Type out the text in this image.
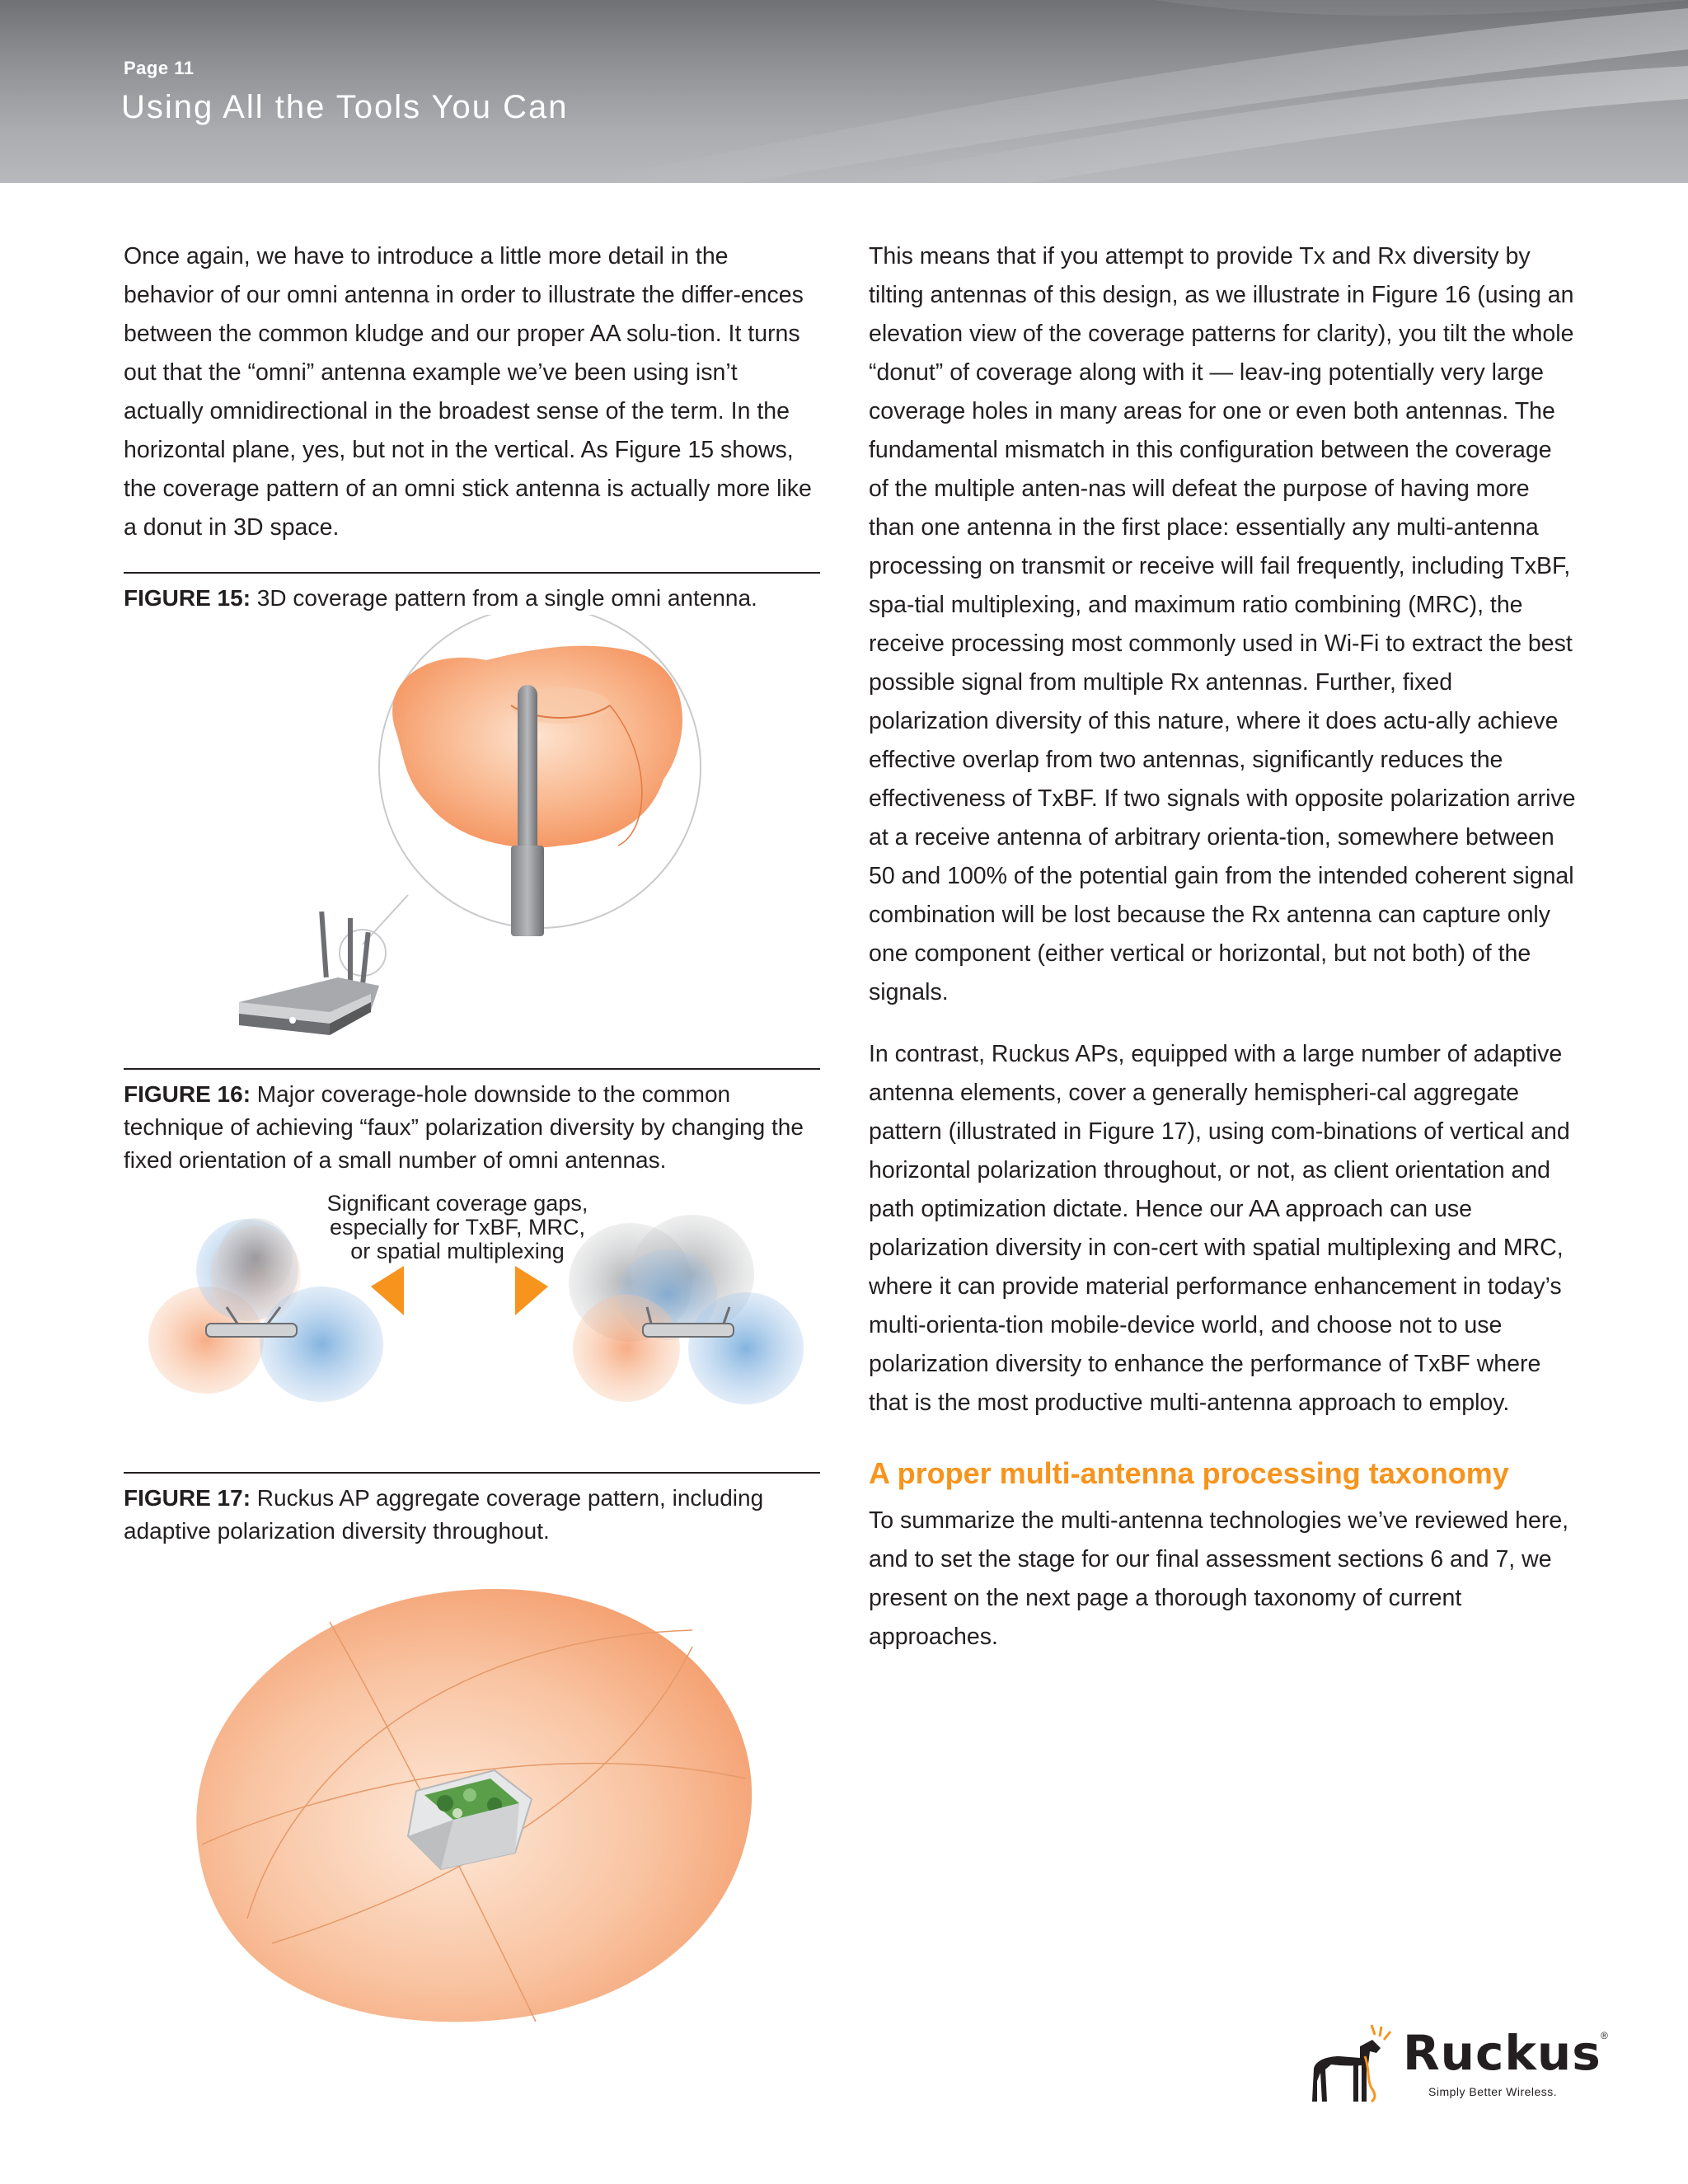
Page 11
Using All the Tools You Can

Once again, we have to introduce a little more detail in the behavior of our omni antenna in order to illustrate the differ-ences between the common kludge and our proper AA solu-tion. It turns out that the “omni” antenna example we’ve been using isn’t actually omnidirectional in the broadest sense of the term. In the horizontal plane, yes, but not in the vertical. As Figure 15 shows, the coverage pattern of an omni stick antenna is actually more like a donut in 3D space.

FIGURE 15: 3D coverage pattern from a single omni antenna.

FIGURE 16: Major coverage-hole downside to the common technique of achieving “faux” polarization diversity by changing the fixed orientation of a small number of omni antennas.

Significant coverage gaps,
especially for TxBF, MRC,
or spatial multiplexing

FIGURE 17: Ruckus AP aggregate coverage pattern, including adaptive polarization diversity throughout.

This means that if you attempt to provide Tx and Rx diversity by tilting antennas of this design, as we illustrate in Figure 16 (using an elevation view of the coverage patterns for clarity), you tilt the whole “donut” of coverage along with it — leav-ing potentially very large coverage holes in many areas for one or even both antennas. The fundamental mismatch in this configuration between the coverage of the multiple anten-nas will defeat the purpose of having more than one antenna in the first place: essentially any multi-antenna processing on transmit or receive will fail frequently, including TxBF, spa-tial multiplexing, and maximum ratio combining (MRC), the receive processing most commonly used in Wi-Fi to extract the best possible signal from multiple Rx antennas. Further, fixed polarization diversity of this nature, where it does actu-ally achieve effective overlap from two antennas, significantly reduces the effectiveness of TxBF. If two signals with opposite polarization arrive at a receive antenna of arbitrary orienta-tion, somewhere between 50 and 100% of the potential gain from the intended coherent signal combination will be lost because the Rx antenna can capture only one component (either vertical or horizontal, but not both) of the signals.

In contrast, Ruckus APs, equipped with a large number of adaptive antenna elements, cover a generally hemispheri-cal aggregate pattern (illustrated in Figure 17), using com-binations of vertical and horizontal polarization throughout, or not, as client orientation and path optimization dictate. Hence our AA approach can use polarization diversity in con-cert with spatial multiplexing and MRC, where it can provide material performance enhancement in today’s multi-orienta-tion mobile-device world, and choose not to use polarization diversity to enhance the performance of TxBF where that is the most productive multi-antenna approach to employ.

A proper multi-antenna processing taxonomy

To summarize the multi-antenna technologies we’ve reviewed here, and to set the stage for our final assessment sections 6 and 7, we present on the next page a thorough taxonomy of current approaches.

Ruckus ®
Simply Better Wireless.
